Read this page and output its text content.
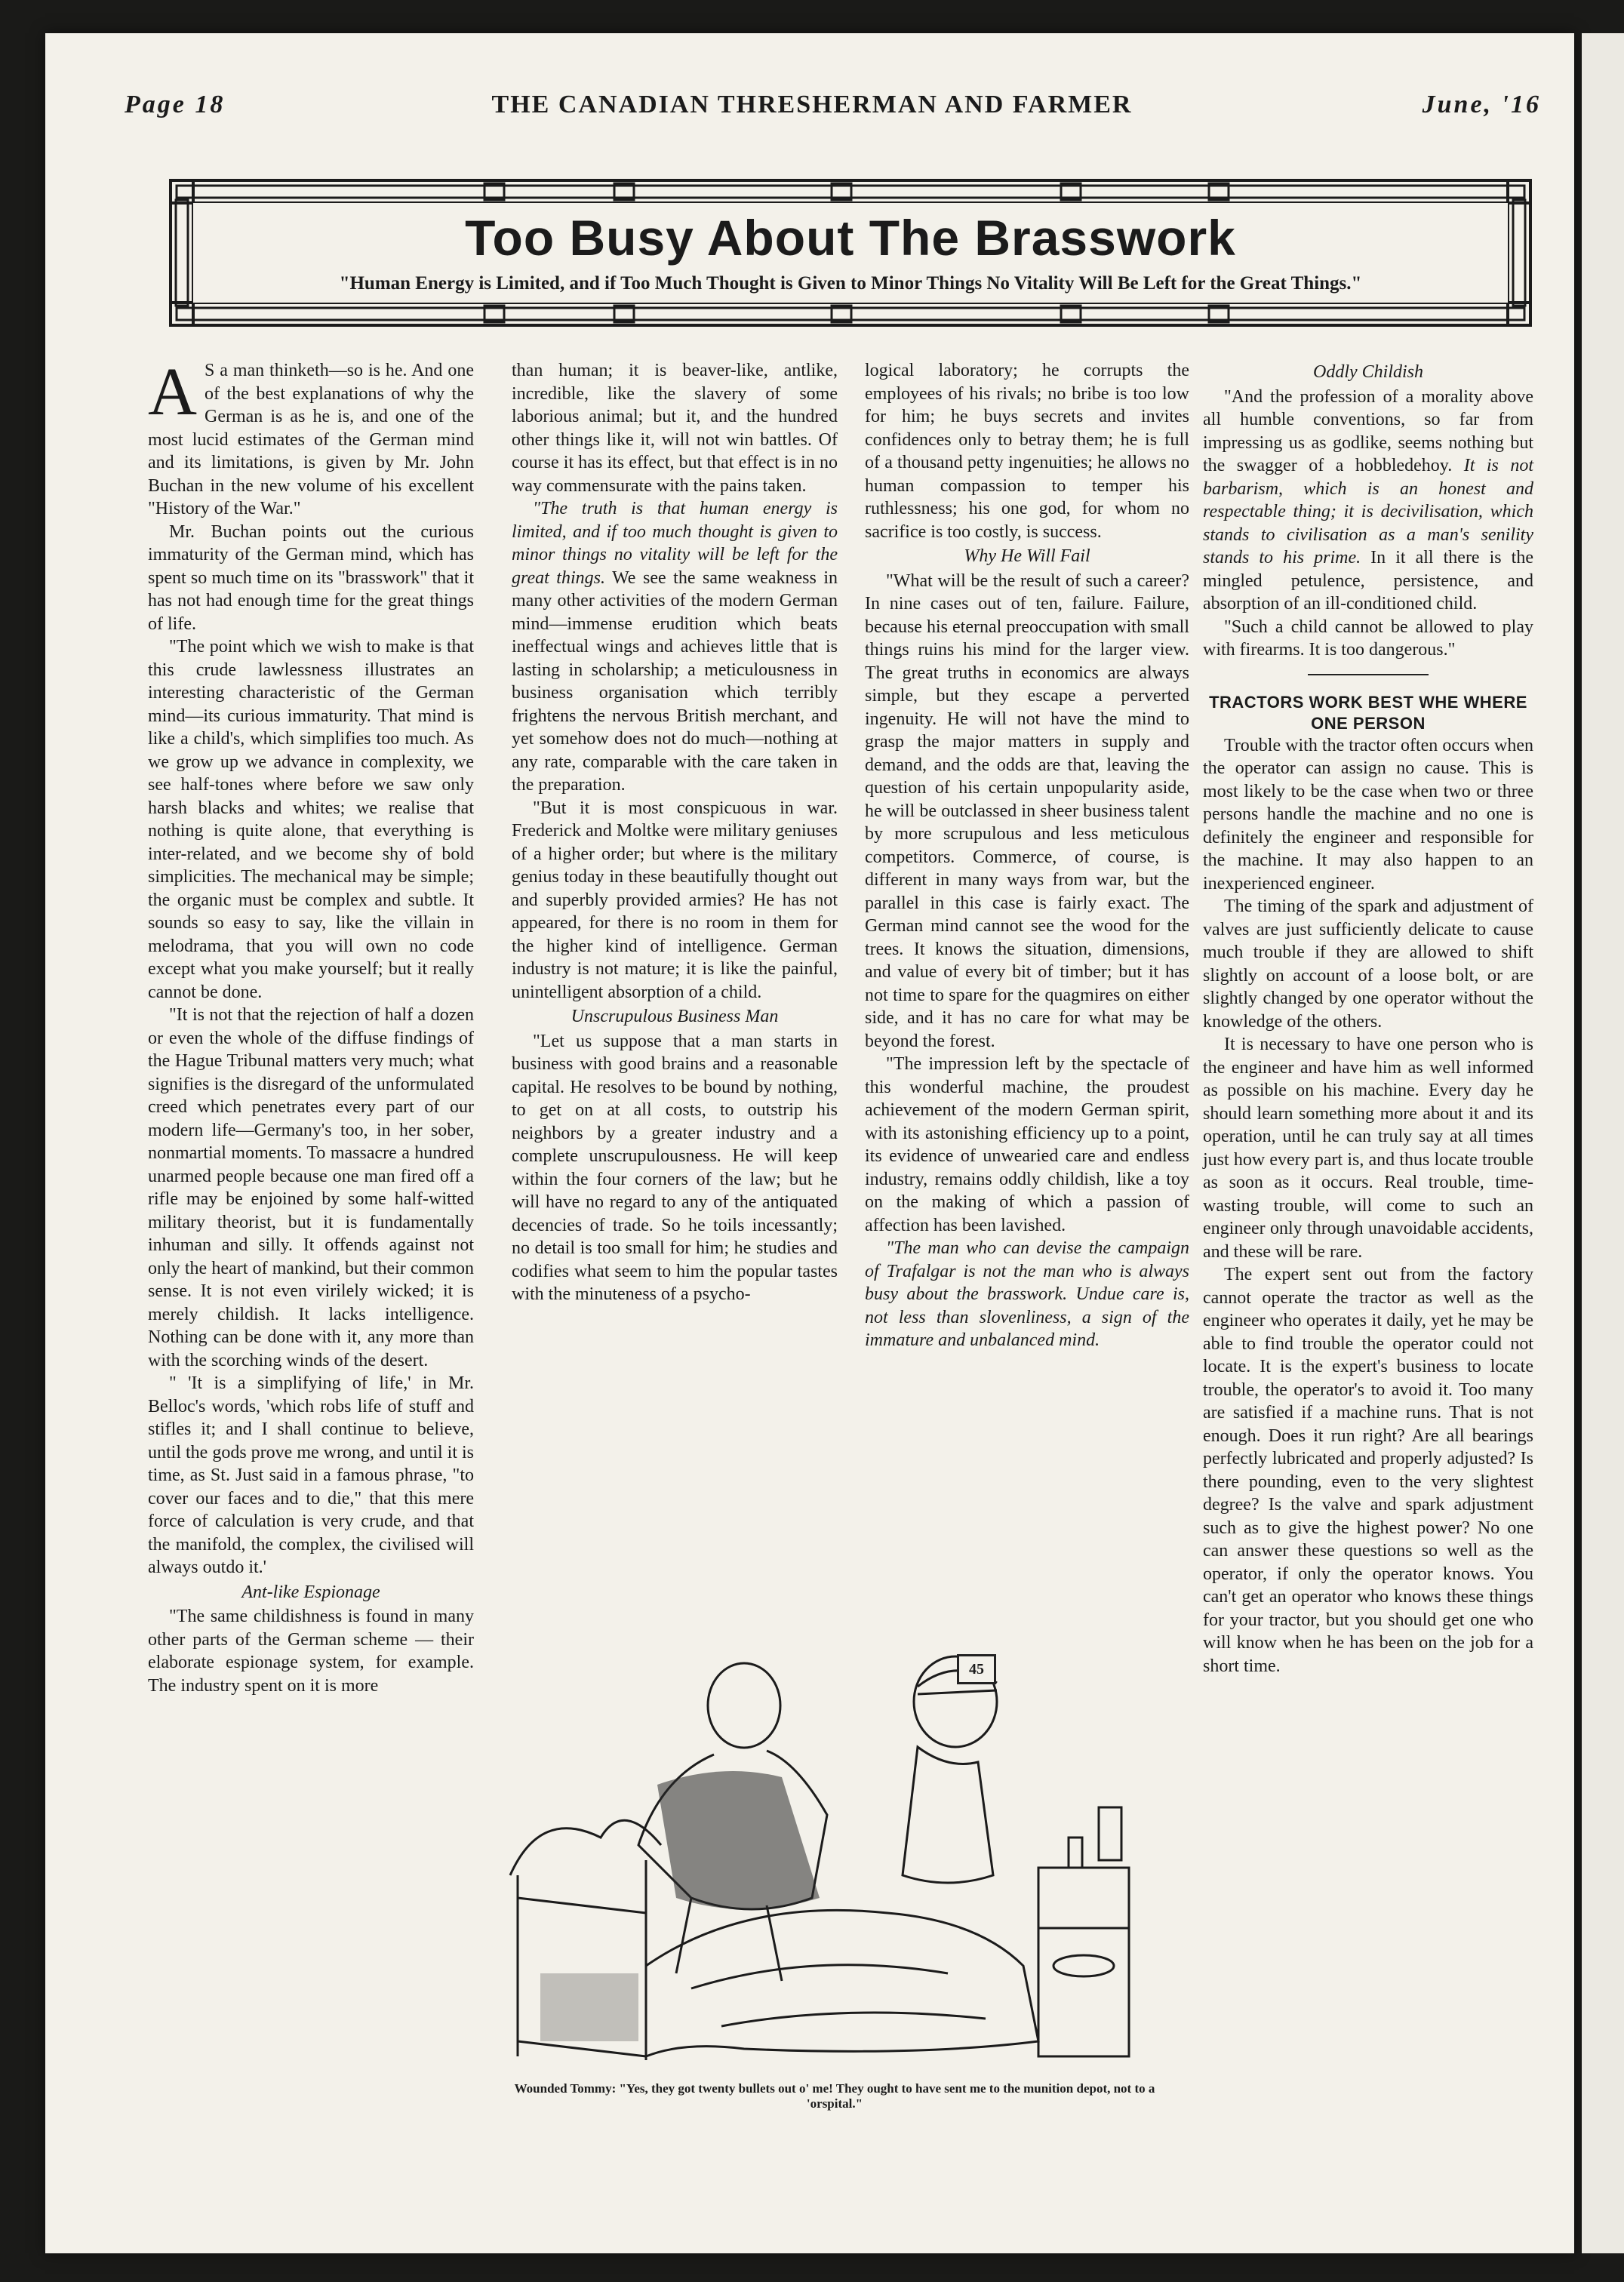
THE CANADIAN THRESHERMAN AND FARMER
Page 18	June, '16
Too Busy About The Brasswork
"Human Energy is Limited, and if Too Much Thought is Given to Minor Things No Vitality Will Be Left for the Great Things."

A S a man thinketh—so is he. And one of the best explanations of why the German is as he is, and one of the most lucid estimates of the German mind and its limitations, is given by Mr. John Buchan in the new volume of his excellent "History of the War."

Mr. Buchan points out the curious immaturity of the German mind, which has spent so much time on its "brasswork" that it has not had enough time for the great things of life.

"The point which we wish to make is that this crude lawlessness illustrates an interesting characteristic of the German mind—its curious immaturity. That mind is like a child's, which simplifies too much. As we grow up we advance in complexity, we see half-tones where before we saw only harsh blacks and whites; we realise that nothing is quite alone, that everything is inter-related, and we become shy of bold simplicities. The mechanical may be simple; the organic must be complex and subtle. It sounds so easy to say, like the villain in melodrama, that you will own no code except what you make yourself; but it really cannot be done.

"It is not that the rejection of half a dozen or even the whole of the diffuse findings of the Hague Tribunal matters very much; what signifies is the disregard of the unformulated creed which penetrates every part of our modern life—Germany's too, in her sober, nonmartial moments. To massacre a hundred unarmed people because one man fired off a rifle may be enjoined by some half-witted military theorist, but it is fundamentally inhuman and silly. It offends against not only the heart of mankind, but their common sense. It is not even virilely wicked; it is merely childish. It lacks intelligence. Nothing can be done with it, any more than with the scorching winds of the desert.

" 'It is a simplifying of life,' in Mr. Belloc's words, 'which robs life of stuff and stifles it; and I shall continue to believe, until the gods prove me wrong, and until it is time, as St. Just said in a famous phrase, "to cover our faces and to die," that this mere force of calculation is very crude, and that the manifold, the complex, the civilised will always outdo it.'

Ant-like Espionage

"The same childishness is found in many other parts of the German scheme — their elaborate espionage system, for example. The industry spent on it is more

than human; it is beaver-like, antlike, incredible, like the slavery of some laborious animal; but it, and the hundred other things like it, will not win battles. Of course it has its effect, but that effect is in no way commensurate with the pains taken.

"The truth is that human energy is limited, and if too much thought is given to minor things no vitality will be left for the great things. We see the same weakness in many other activities of the modern German mind—immense erudition which beats ineffectual wings and achieves little that is lasting in scholarship; a meticulousness in business organisation which terribly frightens the nervous British merchant, and yet somehow does not do much—nothing at any rate, comparable with the care taken in the preparation.

"But it is most conspicuous in war. Frederick and Moltke were military geniuses of a higher order; but where is the military genius today in these beautifully thought out and superbly provided armies? He has not appeared, for there is no room in them for the higher kind of intelligence. German industry is not mature; it is like the painful, unintelligent absorption of a child.

Unscrupulous Business Man

"Let us suppose that a man starts in business with good brains and a reasonable capital. He resolves to be bound by nothing, to get on at all costs, to outstrip his neighbors by a greater industry and a complete unscrupulousness. He will keep within the four corners of the law; but he will have no regard to any of the antiquated decencies of trade. So he toils incessantly; no detail is too small for him; he studies and codifies what seem to him the popular tastes with the minuteness of a psycho-

logical laboratory; he corrupts the employees of his rivals; no bribe is too low for him; he buys secrets and invites confidences only to betray them; he is full of a thousand petty ingenuities; he allows no human compassion to temper his ruthlessness; his one god, for whom no sacrifice is too costly, is success.

Why He Will Fail

"What will be the result of such a career? In nine cases out of ten, failure. Failure, because his eternal preoccupation with small things ruins his mind for the larger view. The great truths in economics are always simple, but they escape a perverted ingenuity. He will not have the mind to grasp the major matters in supply and demand, and the odds are that, leaving the question of his certain unpopularity aside, he will be outclassed in sheer business talent by more scrupulous and less meticulous competitors. Commerce, of course, is different in many ways from war, but the parallel in this case is fairly exact. The German mind cannot see the wood for the trees. It knows the situation, dimensions, and value of every bit of timber; but it has not time to spare for the quagmires on either side, and it has no care for what may be beyond the forest.

"The impression left by the spectacle of this wonderful machine, the proudest achievement of the modern German spirit, with its astonishing efficiency up to a point, its evidence of unwearied care and endless industry, remains oddly childish, like a toy on the making of which a passion of affection has been lavished.

"The man who can devise the campaign of Trafalgar is not the man who is always busy about the brasswork. Undue care is, not less than slovenliness, a sign of the immature and unbalanced mind.

Oddly Childish

"And the profession of a morality above all humble conventions, so far from impressing us as godlike, seems nothing but the swagger of a hobbledehoy. It is not barbarism, which is an honest and respectable thing; it is decivilisation, which stands to civilisation as a man's senility stands to his prime. In it all there is the mingled petulence, persistence, and absorption of an ill-conditioned child.

"Such a child cannot be allowed to play with firearms. It is too dangerous."

TRACTORS WORK BEST WHE WHERE ONE PERSON

Trouble with the tractor often occurs when the operator can assign no cause. This is most likely to be the case when two or three persons handle the machine and no one is definitely the engineer and responsible for the machine. It may also happen to an inexperienced engineer.

The timing of the spark and adjustment of valves are just sufficiently delicate to cause much trouble if they are allowed to shift slightly on account of a loose bolt, or are slightly changed by one operator without the knowledge of the others.

It is necessary to have one person who is the engineer and have him as well informed as possible on his machine. Every day he should learn something more about it and its operation, until he can truly say at all times just how every part is, and thus locate trouble as soon as it occurs. Real trouble, time-wasting trouble, will come to such an engineer only through unavoidable accidents, and these will be rare.

The expert sent out from the factory cannot operate the tractor as well as the engineer who operates it daily, yet he may be able to find trouble the operator could not locate. It is the expert's business to locate trouble, the operator's to avoid it. Too many are satisfied if a machine runs. That is not enough. Does it run right? Are all bearings perfectly lubricated and properly adjusted? Is there pounding, even to the very slightest degree? Is the valve and spark adjustment such as to give the highest power? No one can answer these questions so well as the operator, if only the operator knows. You can't get an operator who knows these things for your tractor, but you should get one who will know when he has been on the job for a short time.

45
Wounded Tommy: "Yes, they got twenty bullets out o' me! They ought to have sent me to the munition depot, not to a 'orspital."
